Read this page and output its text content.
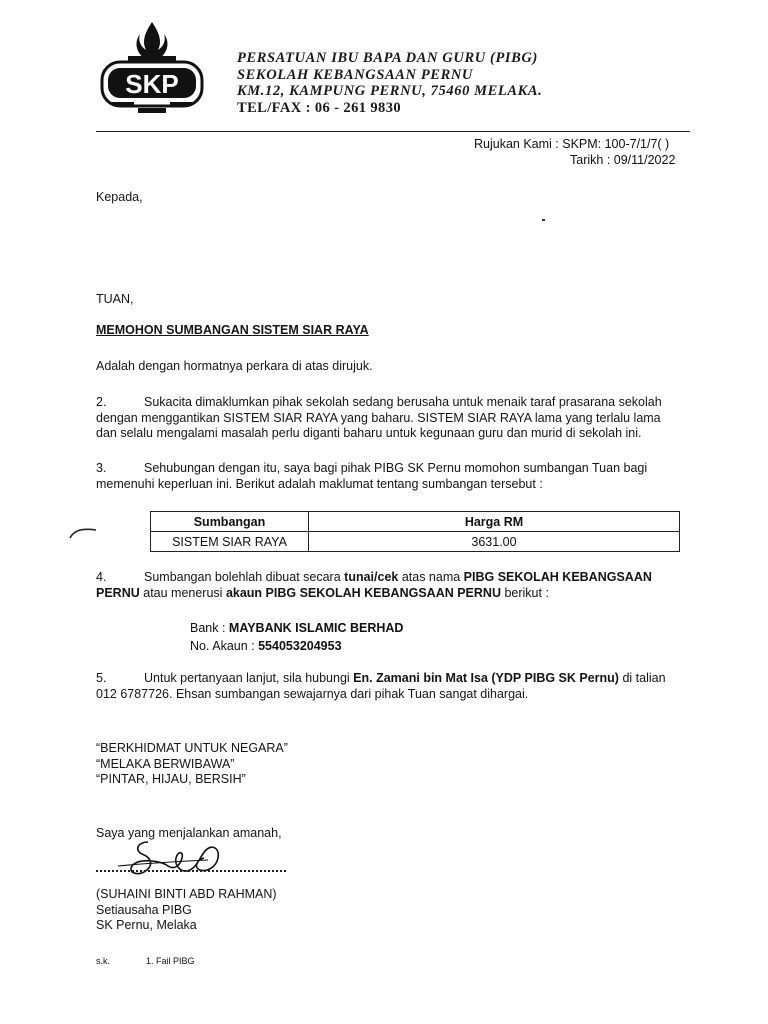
SKP
PERSATUAN IBU BAPA DAN GURU (PIBG)
SEKOLAH KEBANGSAAN PERNU
KM.12, KAMPUNG PERNU, 75460 MELAKA.
TEL/FAX : 06 - 261 9830
Rujukan Kami : SKPM: 100-7/1/7( )
Tarikh : 09/11/2022
Kepada,
TUAN,
MEMOHON SUMBANGAN SISTEM SIAR RAYA
Adalah dengan hormatnya perkara di atas dirujuk.
2.	Sukacita dimaklumkan pihak sekolah sedang berusaha untuk menaik taraf prasarana sekolah
dengan menggantikan SISTEM SIAR RAYA yang baharu. SISTEM SIAR RAYA lama yang terlalu lama
dan selalu mengalami masalah perlu diganti baharu untuk kegunaan guru dan murid di sekolah ini.
3.	Sehubungan dengan itu, saya bagi pihak PIBG SK Pernu momohon sumbangan Tuan bagi
memenuhi keperluan ini. Berikut adalah maklumat tentang sumbangan tersebut :
Sumbangan	Harga RM
SISTEM SIAR RAYA	3631.00
4.	Sumbangan bolehlah dibuat secara tunai/cek atas nama PIBG SEKOLAH KEBANGSAAN
PERNU atau menerusi akaun PIBG SEKOLAH KEBANGSAAN PERNU berikut :
Bank : MAYBANK ISLAMIC BERHAD
No. Akaun : 554053204953
5.	Untuk pertanyaan lanjut, sila hubungi En. Zamani bin Mat Isa (YDP PIBG SK Pernu) di talian
012 6787726. Ehsan sumbangan sewajarnya dari pihak Tuan sangat dihargai.
“BERKHIDMAT UNTUK NEGARA”
“MELAKA BERWIBAWA”
“PINTAR, HIJAU, BERSIH”
Saya yang menjalankan amanah,
(SUHAINI BINTI ABD RAHMAN)
Setiausaha PIBG
SK Pernu, Melaka
s.k.	1. Fail PIBG
